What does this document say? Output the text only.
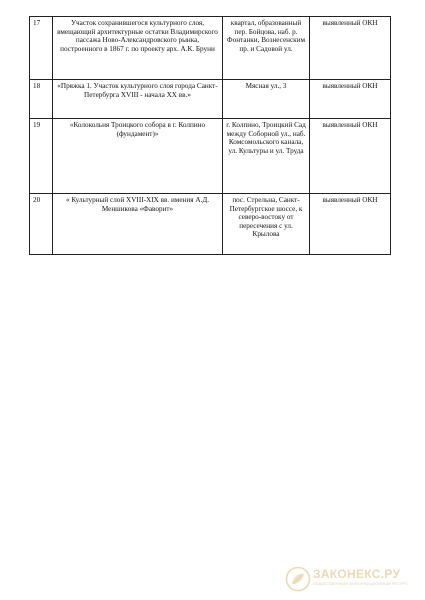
17	Участок сохранившегося культурного слоя, вмещающий архитектурные остатки Владимирского пассажа Ново-Александровского рынка, построенного в 1867 г. по проекту арх. А.К. Бруни	квартал, образованный пер. Бойцова, наб. р. Фонтанки, Вознесенским пр. и Садовой ул.	выявленный ОКН
18	«Пряжка 1. Участок культурного слоя города Санкт-Петербурга XVIII - начала XX вв.»	Мясная ул., 3	выявленный ОКН
19	«Колокольня Троицкого собора в г. Колпино (фундамент)»	г. Колпино, Троицкий Сад между Соборной ул., наб. Комсомольского канала, ул. Культуры и ул. Труда	выявленный ОКН
20	« Культурный слой XVIII-XIX вв. имения А.Д. Меншикова «Фаворит»	пос. Стрельна, Санкт-Петербургское шоссе, к северо-востоку от пересечения с ул. Крылова	выявленный ОКН
ЗАКОНЕКС.РУ
ОБЩЕСТВЕННЫЙ ИНФОРМАЦИОННЫЙ РЕСУРС
